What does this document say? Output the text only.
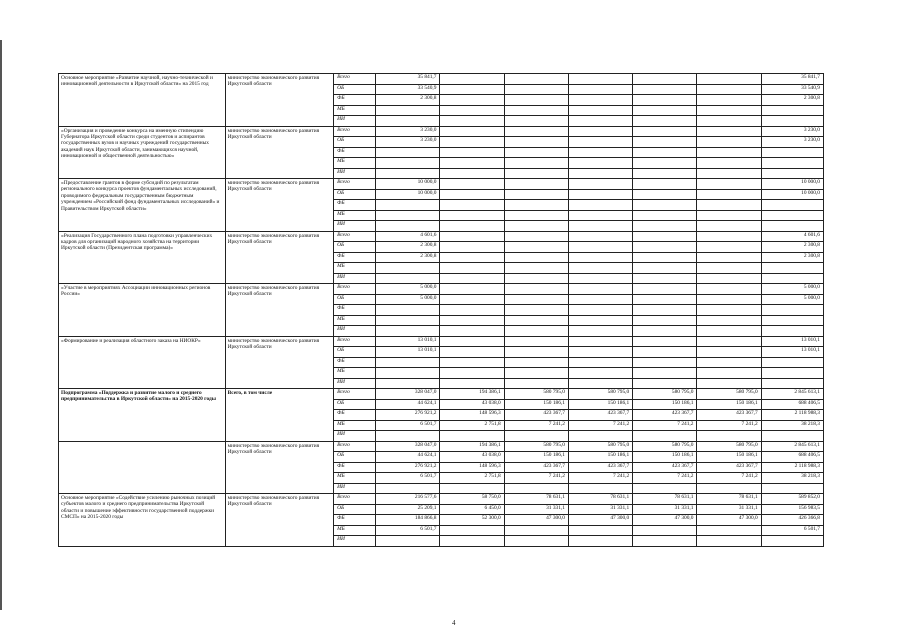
Основное мероприятие «Развитие научной, научно-технической и инновационной деятельности в Иркутской области» на 2015 год	министерство экономического развития Иркутской области	Всего	35 841,7						35 841,7
		ОБ	33 540,9						33 540,9
		ФБ	2 300,8						2 300,8
		МБ							
		ИИ							
«Организация и проведение конкурса на именную стипендию Губернатора Иркутской области среди студентов и аспирантов государственных вузов и научных учреждений государственных академий наук Иркутской области, занимающихся научной, инновационной и общественной деятельностью»	министерство экономического развития Иркутской области	Всего	3 230,0						3 230,0
		ОБ	3 230,0						3 230,0
		ФБ							
		МБ							
		ИИ							
«Предоставление грантов в форме субсидий по результатам регионального конкурса проектов фундаментальных исследований, проводимого федеральным государственным бюджетным учреждением «Российский фонд фундаментальных исследований» и Правительством Иркутской области»	министерство экономического развития Иркутской области	Всего	10 000,0						10 000,0
		ОБ	10 000,0						10 000,0
		ФБ							
		МБ							
		ИИ							
«Реализация Государственного плана подготовки управленческих кадров для организаций народного хозяйства на территории Иркутской области (Президентская программа)»	министерство экономического развития Иркутской области	Всего	4 601,6						4 601,6
		ОБ	2 300,8						2 300,8
		ФБ	2 300,8						2 300,8
		МБ							
		ИИ							
«Участие в мероприятиях Ассоциации инновационных регионов России»	министерство экономического развития Иркутской области	Всего	5 000,0						5 000,0
		ОБ	5 000,0						5 000,0
		ФБ							
		МБ							
		ИИ							
«Формирование и реализация областного заказа на НИОКР»	министерство экономического развития Иркутской области	Всего	13 010,1						13 010,1
		ОБ	13 010,1						13 010,1
		ФБ							
		МБ							
		ИИ							
Подпрограмма «Поддержка и развитие малого и среднего предпринимательства в Иркутской области» на 2015-2020 годы	Всего, в том числе	Всего	328 047,0	194 386,1	580 795,0	580 795,0	580 795,0	580 795,0	2 845 613,1
		ОБ	44 624,1	43 038,0	150 186,1	150 186,1	150 186,1	150 186,1	688 406,5
		ФБ	276 921,2	148 596,3	423 367,7	423 367,7	423 367,7	423 367,7	2 118 988,3
		МБ	6 501,7	2 751,8	7 241,2	7 241,2	7 241,2	7 241,2	38 218,3
		ИИ							
	министерство экономического развития Иркутской области	Всего	328 047,0	194 386,1	580 795,0	580 795,0	580 795,0	580 795,0	2 845 613,1
		ОБ	44 624,1	43 038,0	150 186,1	150 186,1	150 186,1	150 186,1	688 406,5
		ФБ	276 921,2	148 596,3	423 367,7	423 367,7	423 367,7	423 367,7	2 118 988,3
		МБ	6 501,7	2 751,8	7 241,2	7 241,2	7 241,2	7 241,2	38 218,3
		ИИ							
Основное мероприятие «Содействие усилению рыночных позиций субъектов малого и среднего предпринимательства Иркутской области и повышение эффективности государственной поддержки СМСП» на 2015-2020 годы	министерство экономического развития Иркутской области	Всего	216 577,6	58 750,0	78 631,1	78 631,1	78 631,1	78 631,1	589 852,0
		ОБ	25 209,1	6 450,0	31 331,1	31 331,1	31 331,1	31 331,1	156 983,5
		ФБ	184 866,8	52 300,0	47 300,0	47 300,0	47 300,0	47 300,0	426 366,8
		МБ	6 501,7						6 501,7
		ИИ							
4
